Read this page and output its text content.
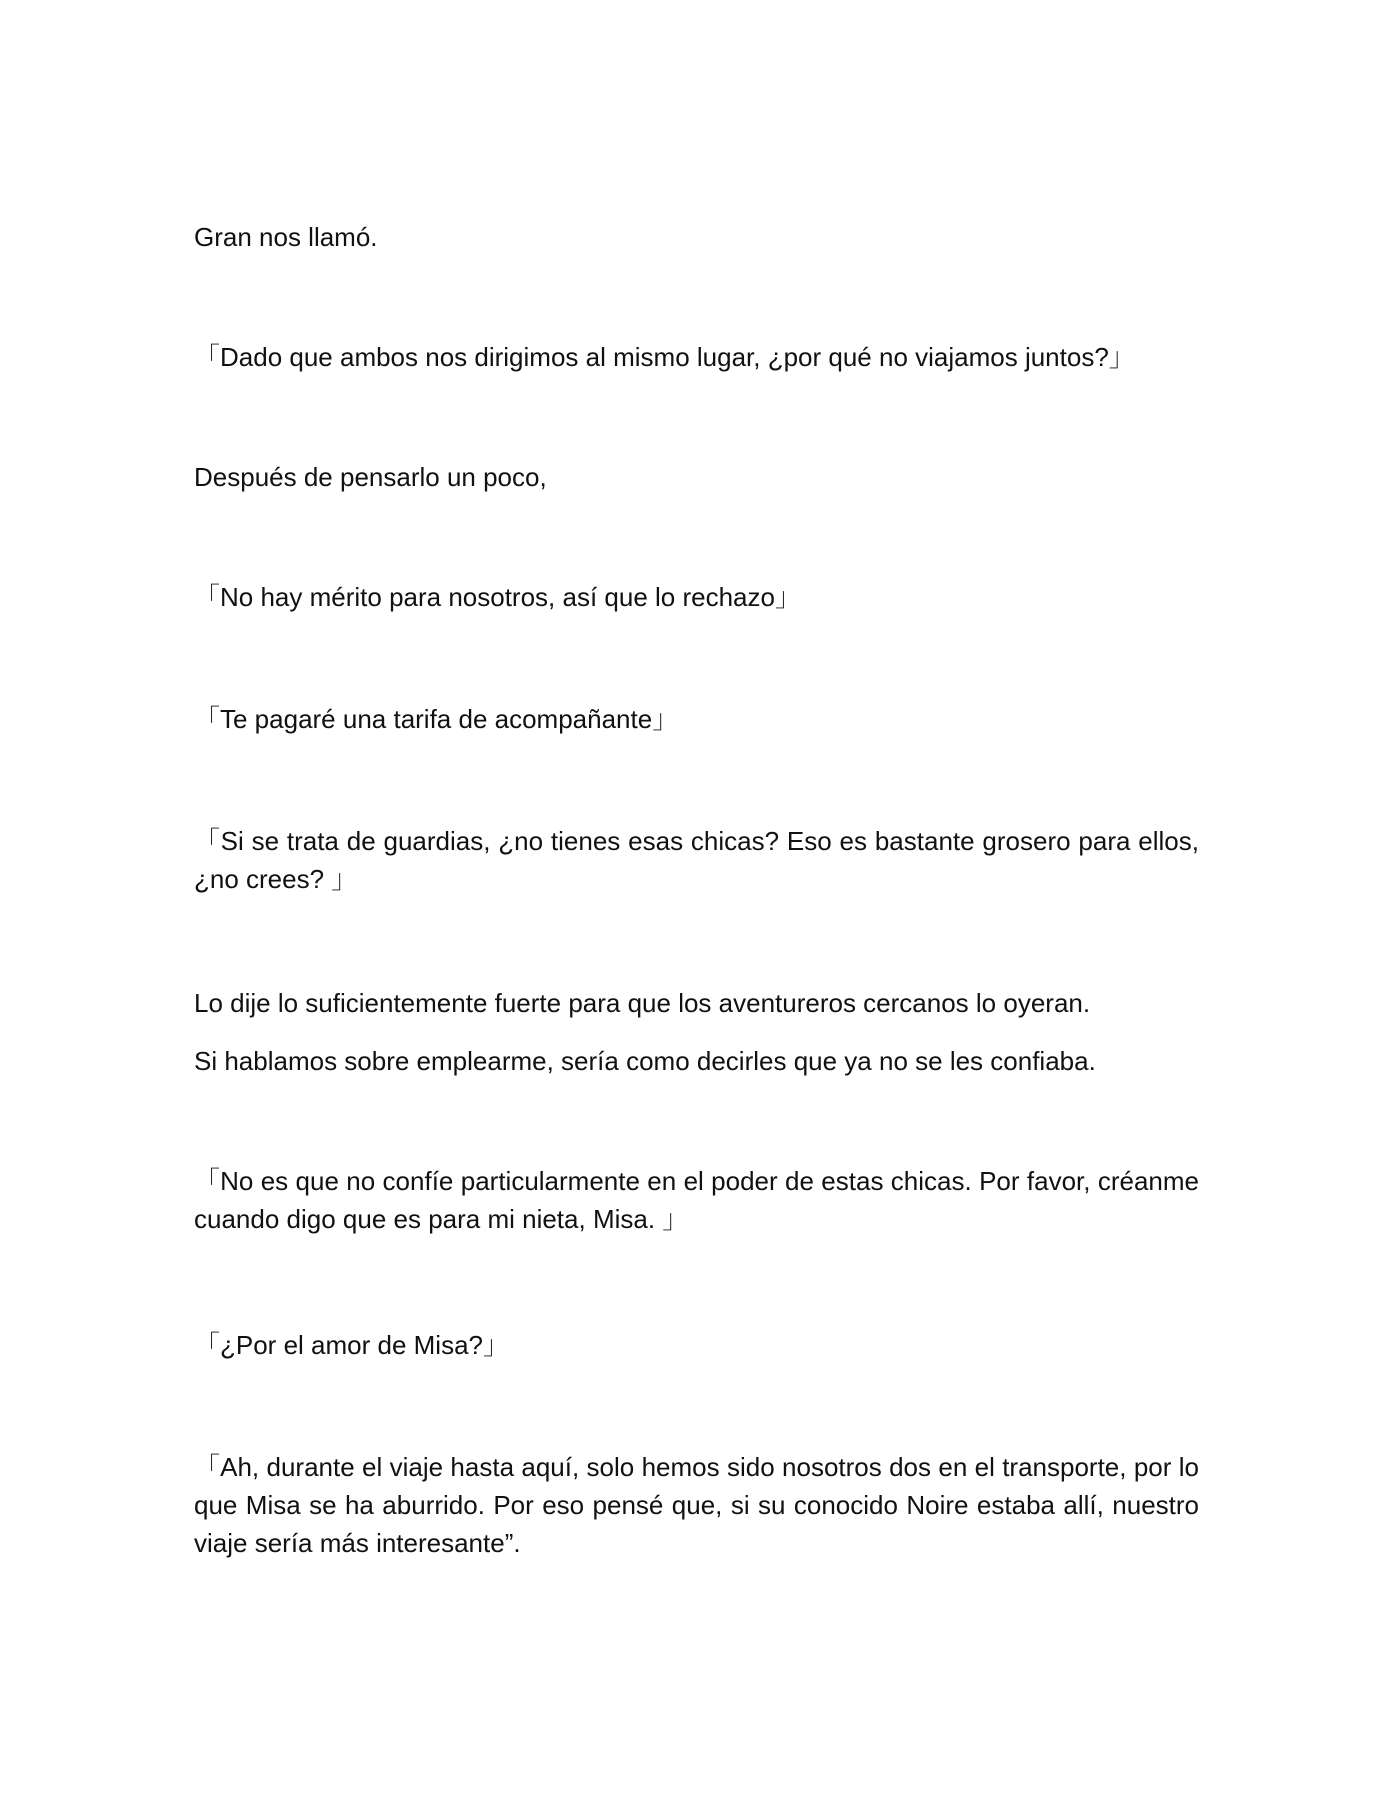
Gran nos llamó.

「Dado que ambos nos dirigimos al mismo lugar, ¿por qué no viajamos juntos?」

Después de pensarlo un poco,

「No hay mérito para nosotros, así que lo rechazo」

「Te pagaré una tarifa de acompañante」

「Si se trata de guardias, ¿no tienes esas chicas? Eso es bastante grosero para ellos, ¿no crees? 」

Lo dije lo suficientemente fuerte para que los aventureros cercanos lo oyeran.

Si hablamos sobre emplearme, sería como decirles que ya no se les confiaba.

「No es que no confíe particularmente en el poder de estas chicas. Por favor, créanme cuando digo que es para mi nieta, Misa. 」

「¿Por el amor de Misa?」

「Ah, durante el viaje hasta aquí, solo hemos sido nosotros dos en el transporte, por lo que Misa se ha aburrido. Por eso pensé que, si su conocido Noire estaba allí, nuestro viaje sería más interesante”.
